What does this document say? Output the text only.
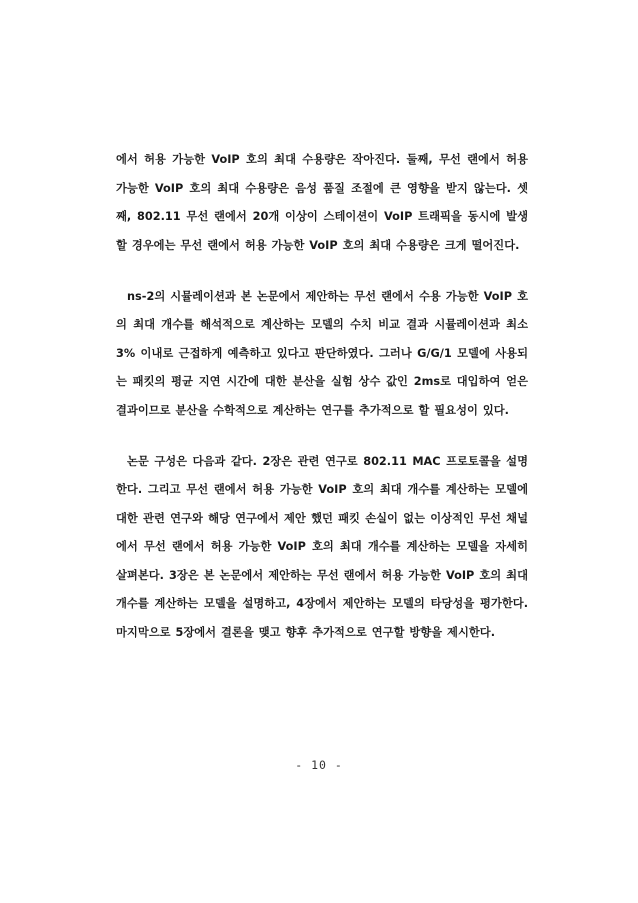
에서 허용 가능한 VoIP 호의 최대 수용량은 작아진다. 둘째, 무선 랜에서 허용 가능한 VoIP 호의 최대 수용량은 음성 품질 조절에 큰 영향을 받지 않는다. 셋째, 802.11 무선 랜에서 20개 이상이 스테이션이 VoIP 트래픽을 동시에 발생할 경우에는 무선 랜에서 허용 가능한 VoIP 호의 최대 수용량은 크게 떨어진다.

ns-2의 시뮬레이션과 본 논문에서 제안하는 무선 랜에서 수용 가능한 VoIP 호의 최대 개수를 해석적으로 계산하는 모델의 수치 비교 결과 시뮬레이션과 최소 3% 이내로 근접하게 예측하고 있다고 판단하였다. 그러나 G/G/1 모델에 사용되는 패킷의 평균 지연 시간에 대한 분산을 실험 상수 값인 2ms로 대입하여 얻은 결과이므로 분산을 수학적으로 계산하는 연구를 추가적으로 할 필요성이 있다.

논문 구성은 다음과 같다. 2장은 관련 연구로 802.11 MAC 프로토콜을 설명한다. 그리고 무선 랜에서 허용 가능한 VoIP 호의 최대 개수를 계산하는 모델에 대한 관련 연구와 해당 연구에서 제안 했던 패킷 손실이 없는 이상적인 무선 채널에서 무선 랜에서 허용 가능한 VoIP 호의 최대 개수를 계산하는 모델을 자세히 살펴본다. 3장은 본 논문에서 제안하는 무선 랜에서 허용 가능한 VoIP 호의 최대 개수를 계산하는 모델을 설명하고, 4장에서 제안하는 모델의 타당성을 평가한다. 마지막으로 5장에서 결론을 맺고 향후 추가적으로 연구할 방향을 제시한다.

- 10 -
